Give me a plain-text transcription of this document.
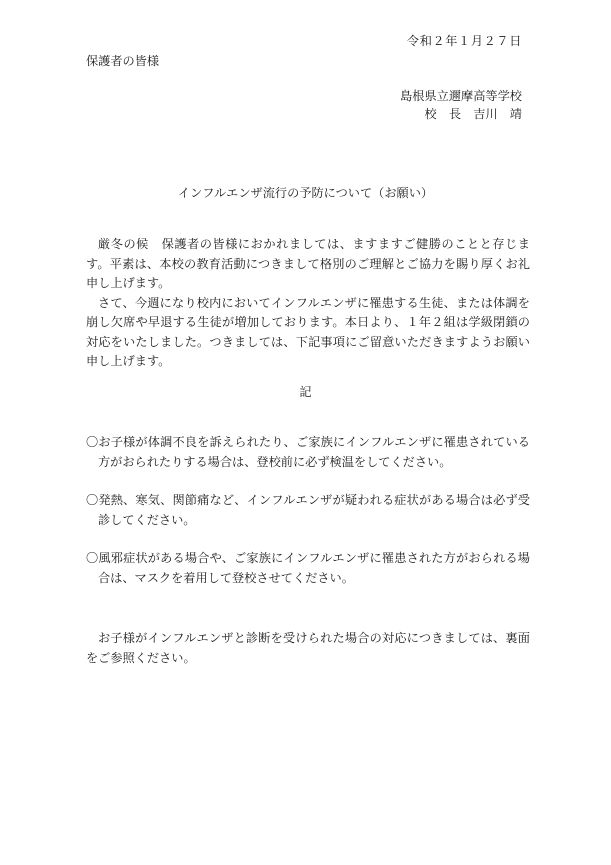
令和２年１月２７日
保護者の皆様
島根県立邇摩高等学校
校　長　吉川　靖
インフルエンザ流行の予防について（お願い）

厳冬の候　保護者の皆様におかれましては、ますますご健勝のことと存じます。平素は、本校の教育活動につきまして格別のご理解とご協力を賜り厚くお礼申し上げます。

さて、今週になり校内においてインフルエンザに罹患する生徒、または体調を崩し欠席や早退する生徒が増加しております。本日より、１年２組は学級閉鎖の対応をいたしました。つきましては、下記事項にご留意いただきますようお願い申し上げます。

記
〇お子様が体調不良を訴えられたり、ご家族にインフルエンザに罹患されている方がおられたりする場合は、登校前に必ず検温をしてください。
〇発熱、寒気、関節痛など、インフルエンザが疑われる症状がある場合は必ず受診してください。
〇風邪症状がある場合や、ご家族にインフルエンザに罹患された方がおられる場合は、マスクを着用して登校させてください。

お子様がインフルエンザと診断を受けられた場合の対応につきましては、裏面をご参照ください。
